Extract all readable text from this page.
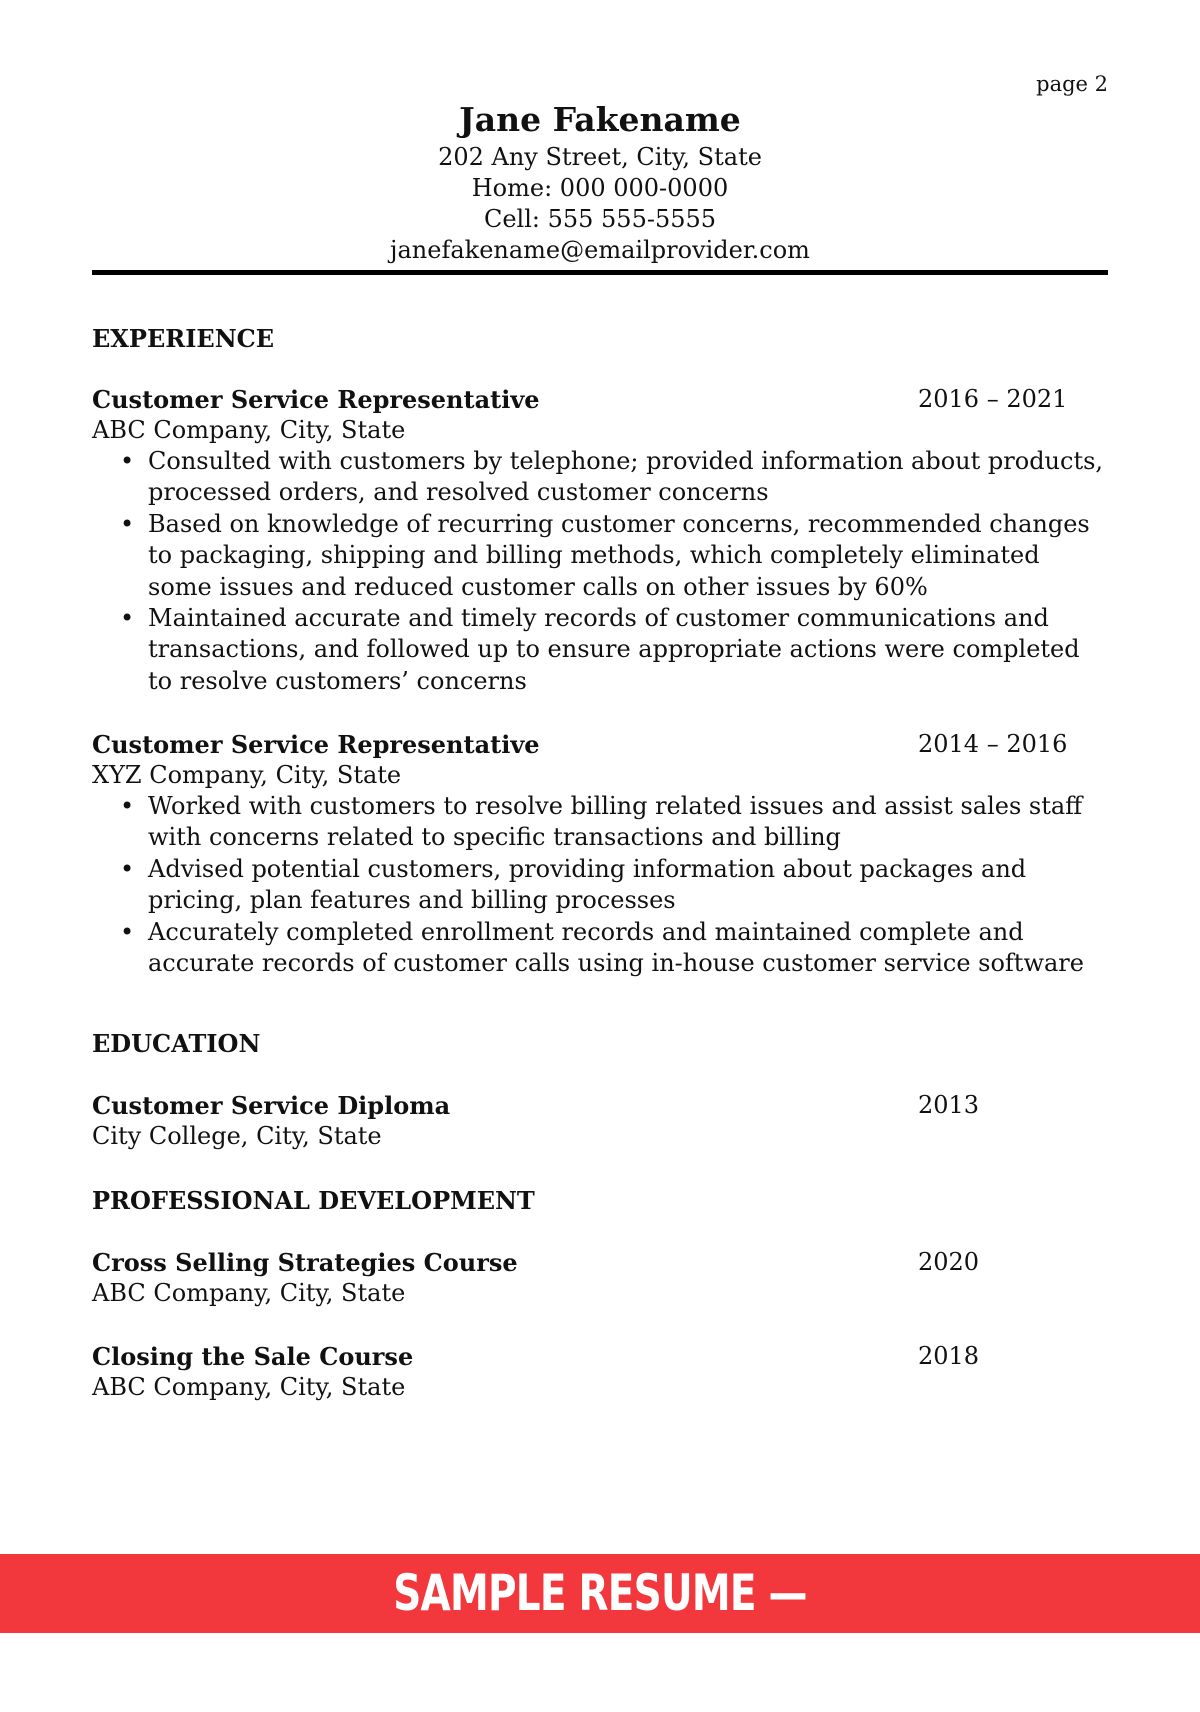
page 2
Jane Fakename
202 Any Street, City, State
Home: 000 000-0000
Cell: 555 555-5555
janefakename@emailprovider.com
EXPERIENCE
Customer Service Representative	2016 – 2021
ABC Company, City, State
• Consulted with customers by telephone; provided information about products, processed orders, and resolved customer concerns
• Based on knowledge of recurring customer concerns, recommended changes to packaging, shipping and billing methods, which completely eliminated some issues and reduced customer calls on other issues by 60%
• Maintained accurate and timely records of customer communications and transactions, and followed up to ensure appropriate actions were completed to resolve customers’ concerns
Customer Service Representative	2014 – 2016
XYZ Company, City, State
• Worked with customers to resolve billing related issues and assist sales staff with concerns related to specific transactions and billing
• Advised potential customers, providing information about packages and pricing, plan features and billing processes
• Accurately completed enrollment records and maintained complete and accurate records of customer calls using in-house customer service software
EDUCATION
Customer Service Diploma	2013
City College, City, State
PROFESSIONAL DEVELOPMENT
Cross Selling Strategies Course	2020
ABC Company, City, State
Closing the Sale Course	2018
ABC Company, City, State
SAMPLE RESUME — CAREERCHOICEGUIDE.COM
